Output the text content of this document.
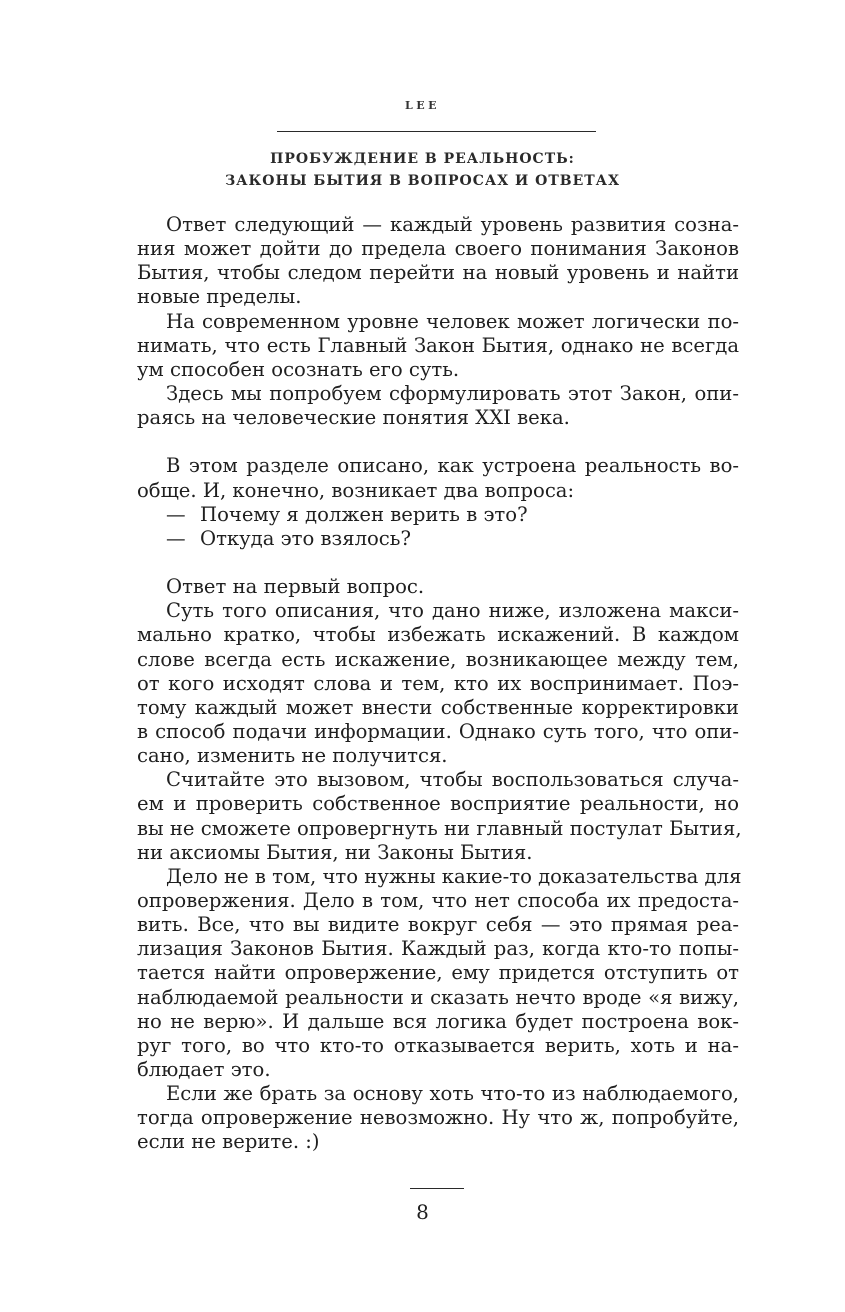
LEE
ПРОБУЖДЕНИЕ В РЕАЛЬНОСТЬ:
ЗАКОНЫ БЫТИЯ В ВОПРОСАХ И ОТВЕТАХ
Ответ следующий — каждый уровень развития созна-
ния может дойти до предела своего понимания Законов
Бытия, чтобы следом перейти на новый уровень и найти
новые пределы.
На современном уровне человек может логически по-
нимать, что есть Главный Закон Бытия, однако не всегда
ум способен осознать его суть.
Здесь мы попробуем сформулировать этот Закон, опи-
раясь на человеческие понятия XXI века.
В этом разделе описано, как устроена реальность во-
обще. И, конечно, возникает два вопроса:
— Почему я должен верить в это?
— Откуда это взялось?
Ответ на первый вопрос.
Суть того описания, что дано ниже, изложена макси-
мально кратко, чтобы избежать искажений. В каждом
слове всегда есть искажение, возникающее между тем,
от кого исходят слова и тем, кто их воспринимает. Поэ-
тому каждый может внести собственные корректировки
в способ подачи информации. Однако суть того, что опи-
сано, изменить не получится.
Считайте это вызовом, чтобы воспользоваться случа-
ем и проверить собственное восприятие реальности, но
вы не сможете опровергнуть ни главный постулат Бытия,
ни аксиомы Бытия, ни Законы Бытия.
Дело не в том, что нужны какие-то доказательства для
опровержения. Дело в том, что нет способа их предоста-
вить. Все, что вы видите вокруг себя — это прямая реа-
лизация Законов Бытия. Каждый раз, когда кто-то попы-
тается найти опровержение, ему придется отступить от
наблюдаемой реальности и сказать нечто вроде «я вижу,
но не верю». И дальше вся логика будет построена вок-
руг того, во что кто-то отказывается верить, хоть и на-
блюдает это.
Если же брать за основу хоть что-то из наблюдаемого,
тогда опровержение невозможно. Ну что ж, попробуйте,
если не верите. :)
8
